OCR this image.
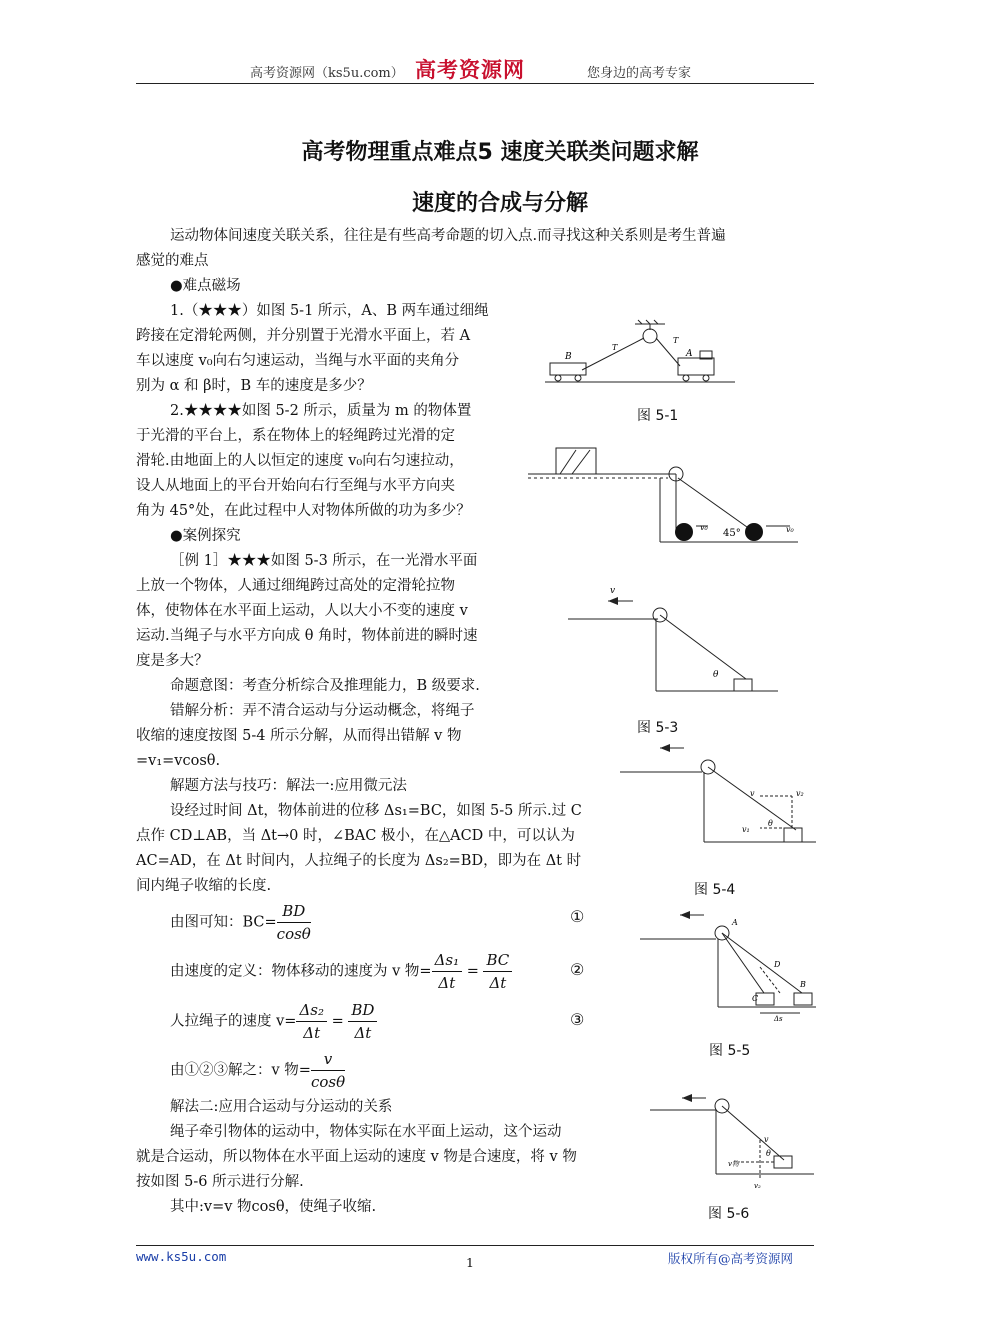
高考资源网（ks5u.com） 高考资源网	您身边的高考专家
高考物理重点难点5 速度关联类问题求解
速度的合成与分解
运动物体间速度关联关系，往往是有些高考命题的切入点.而寻找这种关系则是考生普遍
感觉的难点
●难点磁场
1.（★★★）如图 5-1 所示，A、B 两车通过细绳
跨接在定滑轮两侧，并分别置于光滑水平面上，若 A
车以速度 v₀向右匀速运动，当绳与水平面的夹角分
别为 α 和 β时，B 车的速度是多少？
2.★★★★如图 5-2 所示，质量为 m 的物体置
于光滑的平台上，系在物体上的轻绳跨过光滑的定
滑轮.由地面上的人以恒定的速度 v₀向右匀速拉动，
设人从地面上的平台开始向右行至绳与水平方向夹
角为 45°处，在此过程中人对物体所做的功为多少？
●案例探究
［例 1］★★★如图 5-3 所示，在一光滑水平面
上放一个物体，人通过细绳跨过高处的定滑轮拉物
体，使物体在水平面上运动，人以大小不变的速度 v
运动.当绳子与水平方向成 θ 角时，物体前进的瞬时速
度是多大？
命题意图：考查分析综合及推理能力，B 级要求.
错解分析：弄不清合运动与分运动概念，将绳子
收缩的速度按图 5-4 所示分解，从而得出错解 v 物
=v₁=vcosθ.
解题方法与技巧：解法一:应用微元法
设经过时间 Δt，物体前进的位移 Δs₁=BC，如图 5-5 所示.过 C
点作 CD⊥AB，当 Δt→0 时，∠BAC 极小，在△ACD 中，可以认为
AC=AD，在 Δt 时间内，人拉绳子的长度为 Δs₂=BD，即为在 Δt 时
间内绳子收缩的长度.
由图可知：$BC= \frac{BD}{\cos\theta}$	①
由速度的定义：物体移动的速度为 v 物= $\frac{\text{Δs₁}}{\Delta t} = \frac{BC}{\Delta t}$	②
人拉绳子的速度 $v= \frac{\text{Δs₂}}{\Delta t} = \frac{BD}{\Delta t}$	③
由①②③解之：v 物= $\frac{v}{\cos\theta}$
解法二:应用合运动与分运动的关系
绳子牵引物体的运动中，物体实际在水平面上运动，这个运动
就是合运动，所以物体在水平面上运动的速度 v 物是合速度，将 v 物
按如图 5-6 所示进行分解.
其中:v=v 物cosθ，使绳子收缩.
B	A
T
T
图 5-1
v₀
45°	v₀
v
θ
图 5-3
v₂
v
v₁
θ
图 5-4
A
D
C
B
Δs
图 5-5
v
v物
θ
v₂
图 5-6
www.ks5u.com	1	版权所有@高考资源网
